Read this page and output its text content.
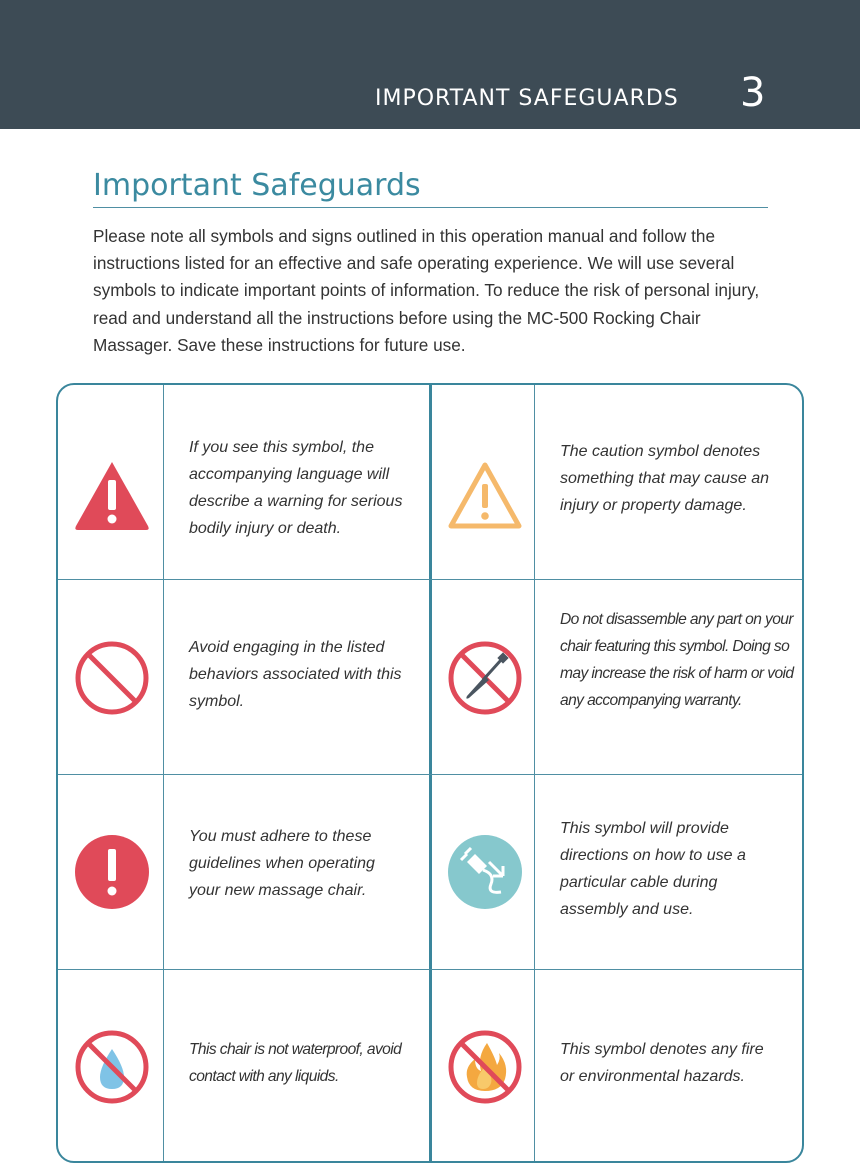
IMPORTANT SAFEGUARDS 3
Important Safeguards

Please note all symbols and signs outlined in this operation manual and follow the instructions listed for an effective and safe operating experience. We will use several symbols to indicate important points of information. To reduce the risk of personal injury, read and understand all the instructions before using the MC-500 Rocking Chair Massager. Save these instructions for future use.

If you see this symbol, the accompanying language will describe a warning for serious bodily injury or death.

The caution symbol denotes something that may cause an injury or property damage.

Avoid engaging in the listed behaviors associated with this symbol.

Do not disassemble any part on your chair featuring this symbol. Doing so may increase the risk of harm or void any accompanying warranty.

You must adhere to these guidelines when operating your new massage chair.

This symbol will provide directions on how to use a particular cable during assembly and use.

This chair is not waterproof, avoid contact with any liquids.

This symbol denotes any fire or environmental hazards.
